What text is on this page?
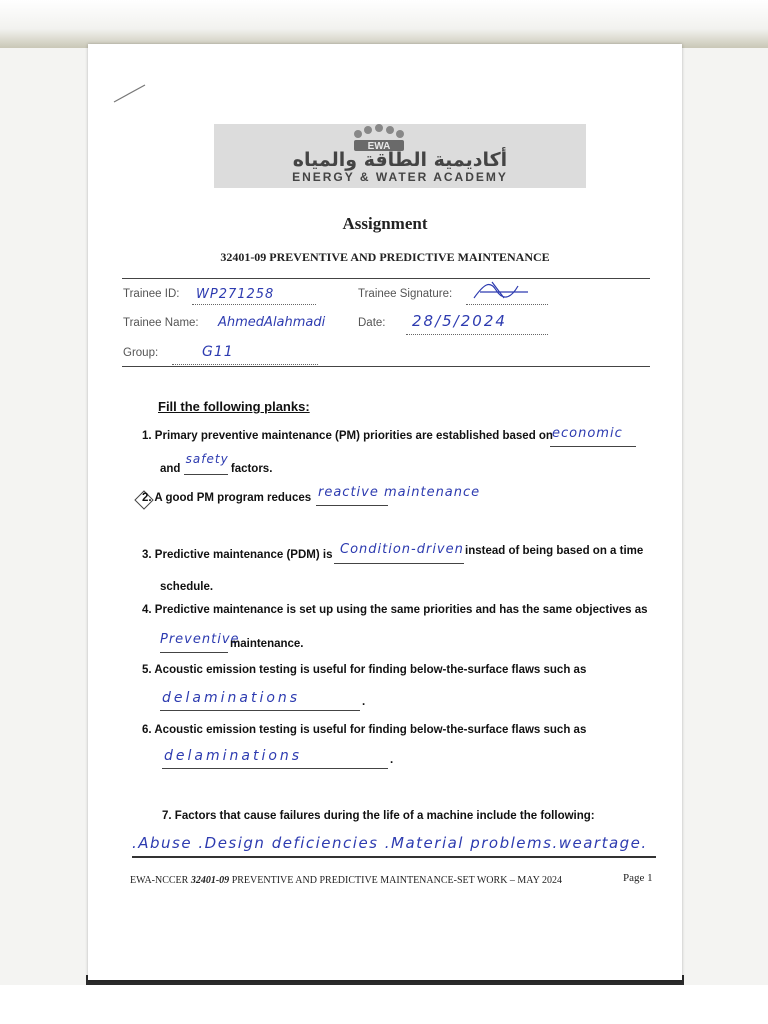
EWA
أكاديمية الطاقة والمياه
ENERGY & WATER ACADEMY
Assignment
32401-09 PREVENTIVE AND PREDICTIVE MAINTENANCE
Trainee ID: WP271258	Trainee Signature:
Trainee Name: AhmedAlahmadi	Date: 28/5/2024
Group:	G11
Fill the following planks:
1. Primary preventive maintenance (PM) priorities are established based on economic
and
safety
factors.
2. A good PM program reduces reactive maintenance
3. Predictive maintenance (PDM) is Condition-driven instead of being based on a time
schedule.
4. Predictive maintenance is set up using the same priorities and has the same objectives as
Preventive
maintenance.
5. Acoustic emission testing is useful for finding below-the-surface flaws such as
delaminations	.
6. Acoustic emission testing is useful for finding below-the-surface flaws such as
delaminations	.
7. Factors that cause failures during the life of a machine include the following:
.Abuse .Design deficiencies .Material problems.weartage.
EWA-NCCER 32401-09 PREVENTIVE AND PREDICTIVE MAINTENANCE-SET WORK – MAY 2024	Page 1
